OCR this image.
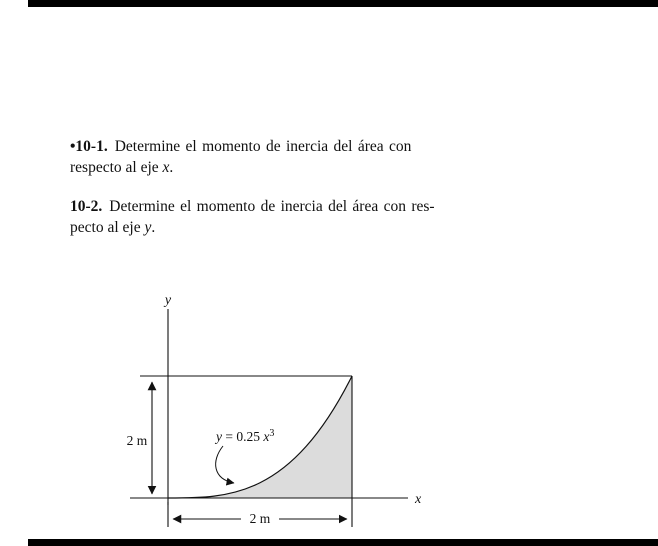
•10-1. Determine el momento de inercia del área con
respecto al eje x.

10-2. Determine el momento de inercia del área con res-
pecto al eje y.

y
x
2 m
2 m
y = 0.25 $x^3$
